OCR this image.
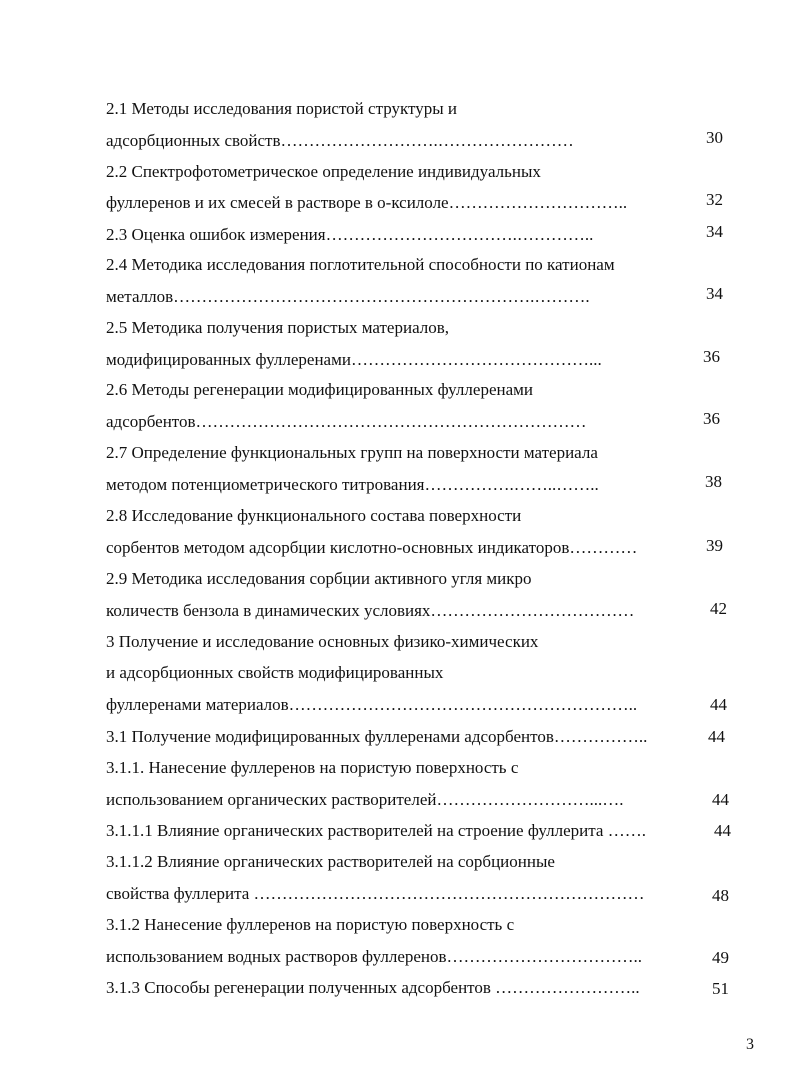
2.1 Методы исследования пористой структуры и
адсорбционных свойств……………………….……………………	30
2.2 Спектрофотометрическое определение индивидуальных
фуллеренов и их смесей в растворе в о-ксилоле…………………………..	32
2.3 Оценка ошибок измерения…………………………….…………..	34
2.4 Методика исследования поглотительной способности по катионам
металлов……………………………………………………….……….	34
2.5 Методика получения пористых материалов,
модифицированных фуллеренами……………………………………...	36
2.6 Методы регенерации модифицированных фуллеренами
адсорбентов……………………………………………………………	36
2.7 Определение функциональных групп на поверхности материала
методом потенциометрического титрования…………….……..……..	38
2.8 Исследование функционального состава поверхности
сорбентов методом адсорбции кислотно-основных индикаторов…………	39
2.9 Методика исследования сорбции активного угля микро
количеств бензола в динамических условиях………………………………	42
3 Получение и исследование основных физико-химических
и адсорбционных свойств модифицированных
фуллеренами материалов……………………………………………………..	44
3.1 Получение модифицированных фуллеренами адсорбентов……………..	44
3.1.1. Нанесение фуллеренов на пористую поверхность с
использованием органических растворителей………………………...….	44
3.1.1.1 Влияние органических растворителей на строение фуллерита …….	44
3.1.1.2 Влияние органических растворителей на сорбционные
свойства фуллерита ……………………………………………………………	48
3.1.2 Нанесение фуллеренов на пористую поверхность с
использованием водных растворов фуллеренов……………………………..	49
3.1.3 Способы регенерации полученных адсорбентов ……………………..	51
3
